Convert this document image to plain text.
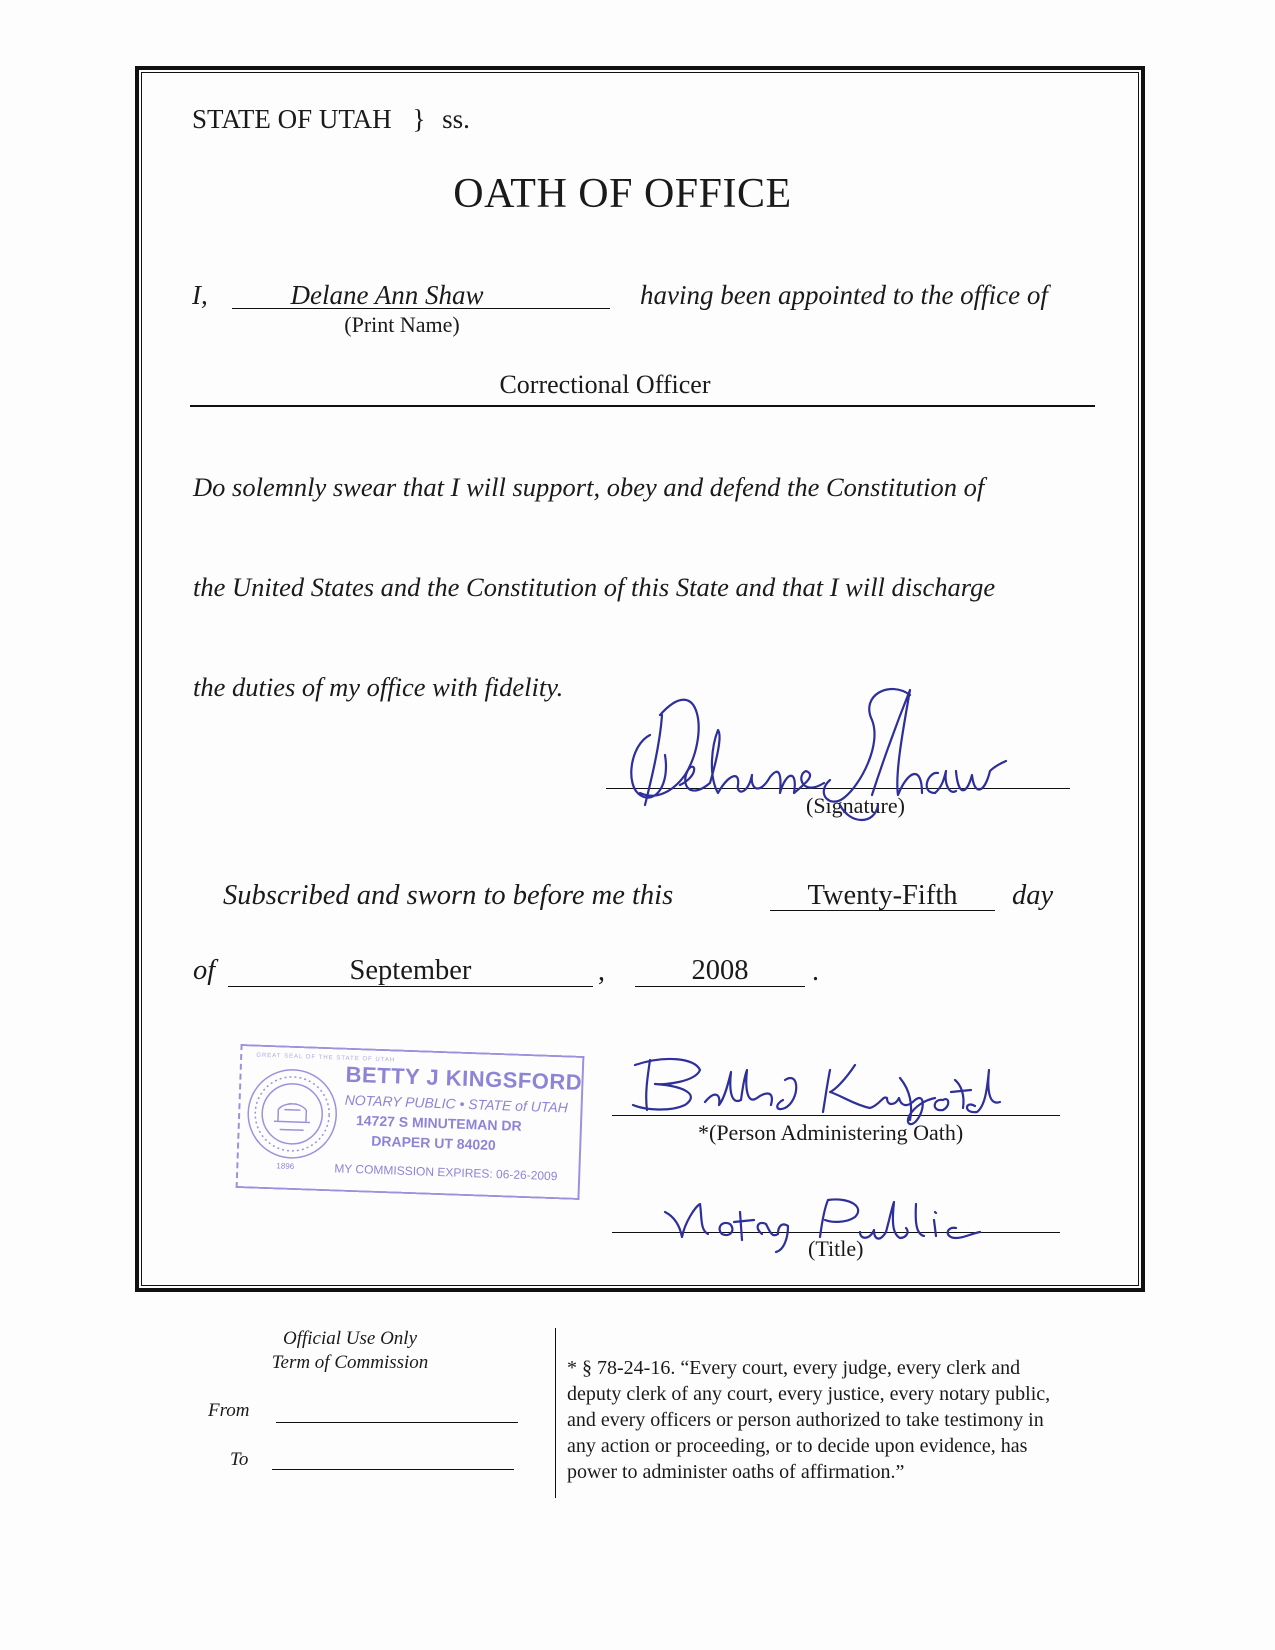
STATE OF UTAH } ss.
OATH OF OFFICE
I,	Delane Ann Shaw
(Print Name)
having been appointed to the office of
Correctional Officer
Do solemnly swear that I will support, obey and defend the Constitution of
the United States and the Constitution of this State and that I will discharge
the duties of my office with fidelity.
(Signature)
Subscribed and sworn to before me this	Twenty-Fifth	day
of	September	,	2008	.
GREAT SEAL OF THE STATE OF UTAH
1896
BETTY J KINGSFORD
NOTARY PUBLIC • STATE of UTAH
14727 S MINUTEMAN DR
DRAPER UT 84020
MY COMMISSION EXPIRES: 06-26-2009
*(Person Administering Oath)
(Title)
Official Use Only
Term of Commission
From
To
* § 78-24-16. “Every court, every judge, every clerk and
deputy clerk of any court, every justice, every notary public,
and every officers or person authorized to take testimony in
any action or proceeding, or to decide upon evidence, has
power to administer oaths of affirmation.”
